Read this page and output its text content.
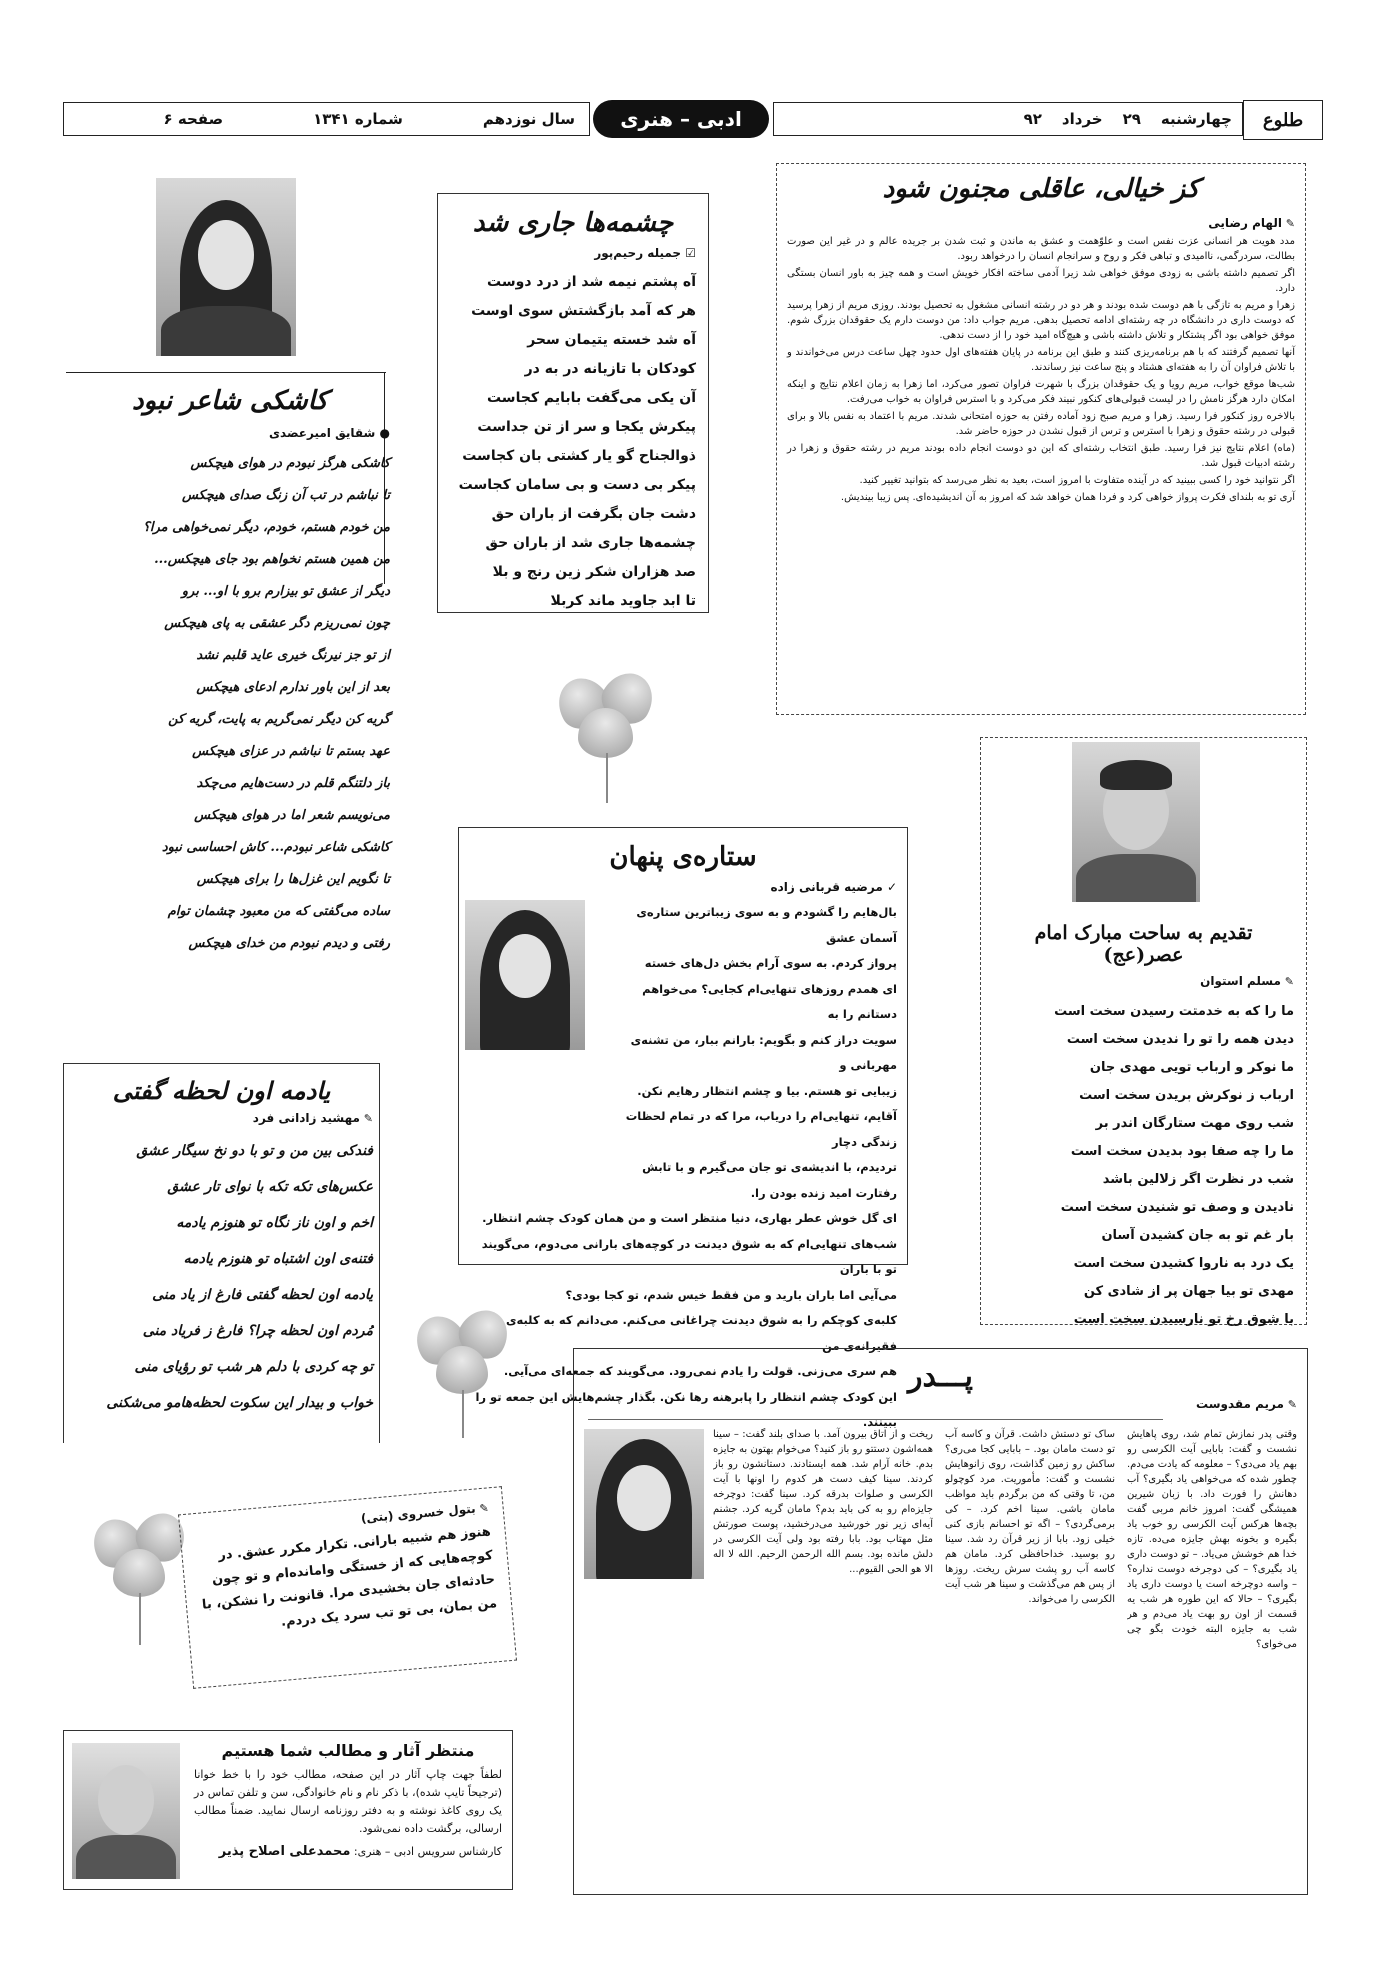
طلوع
چهارشنبه
۲۹
خرداد
۹۲
ادبی – هنری
سال نوزدهم
شماره ۱۳۴۱
صفحه ۶
کز خیالی، عاقلی مجنون شود
✎ الهام رضایی

مدد هویت هر انسانی عزت نفس است و علوّهمت و عشق به ماندن و ثبت شدن بر جریده عالم و در غیر این صورت بطالت، سردرگمی، ناامیدی و تباهی فکر و روح و سرانجام انسان را درخواهد ربود.

اگر تصمیم داشته باشی به زودی موفق خواهی شد زیرا آدمی ساخته افکار خویش است و همه چیز به باور انسان بستگی دارد.

زهرا و مریم به تازگی با هم دوست شده بودند و هر دو در رشته انسانی مشغول به تحصیل بودند. روزی مریم از زهرا پرسید که دوست داری در دانشگاه در چه رشته‌ای ادامه تحصیل بدهی. مریم جواب داد: من دوست دارم یک حقوقدان بزرگ شوم. موفق خواهی بود اگر پشتکار و تلاش داشته باشی و هیچ‌گاه امید خود را از دست ندهی.

آنها تصمیم گرفتند که با هم برنامه‌ریزی کنند و طبق این برنامه در پایان هفته‌های اول حدود چهل ساعت درس می‌خواندند و با تلاش فراوان آن را به هفته‌ای هشتاد و پنج ساعت نیز رساندند.

شب‌ها موقع خواب، مریم رویا و یک حقوقدان بزرگ با شهرت فراوان تصور می‌کرد، اما زهرا به زمان اعلام نتایج و اینکه امکان دارد هرگز نامش را در لیست قبولی‌های کنکور نبیند فکر می‌کرد و با استرس فراوان به خواب می‌رفت.

بالاخره روز کنکور فرا رسید. زهرا و مریم صبح زود آماده رفتن به حوزه امتحانی شدند. مریم با اعتماد به نفس بالا و برای قبولی در رشته حقوق و زهرا با استرس و ترس از قبول نشدن در حوزه حاضر شد.

(ماه) اعلام نتایج نیز فرا رسید. طبق انتخاب رشته‌ای که این دو دوست انجام داده بودند مریم در رشته حقوق و زهرا در رشته ادبیات قبول شد.

اگر نتوانید خود را کسی ببینید که در آینده متفاوت با امروز است، بعید به نظر می‌رسد که بتوانید تغییر کنید.

آری تو به بلندای فکرت پرواز خواهی کرد و فردا همان خواهد شد که امروز به آن اندیشیده‌ای. پس زیبا بیندیش.

چشمه‌ها جاری شد
☑ جمیله رحیم‌پور
آه پشتم نیمه شد از درد دوست
هر که آمد بازگشتش سوی اوست
آه شد خسته یتیمان سحر
کودکان با تازیانه در به در
آن یکی می‌گفت بابایم کجاست
پیکرش یکجا و سر از تن جداست
ذوالجناح گو یار کشتی بان کجاست
پیکر بی دست و بی سامان کجاست
دشت جان بگرفت از باران حق
چشمه‌ها جاری شد از باران حق
صد هزاران شکر زین رنج و بلا
تا ابد جاوید ماند کربلا
کاشکی شاعر نبود
● شقایق امیرعضدی
کاشکی هرگز نبودم در هوای هیچکس
تا نباشم در تب آن زنگ صدای هیچکس
من خودم هستم، خودم، دیگر نمی‌خواهی مرا؟
من همین هستم نخواهم بود جای هیچکس...
دیگر از عشق تو بیزارم برو با او... برو
چون نمی‌ریزم دگر عشقی به پای هیچکس
از تو جز نیرنگ خیری عاید قلبم نشد
بعد از این باور ندارم ادعای هیچکس
گریه کن دیگر نمی‌گریم به پایت، گریه کن
عهد بستم تا نباشم در عزای هیچکس
باز دلتنگم قلم در دست‌هایم می‌چکد
می‌نویسم شعر اما در هوای هیچکس
کاشکی شاعر نبودم... کاش احساسی نبود
تا نگویم این غزل‌ها را برای هیچکس
ساده می‌گفتی که من معبود چشمان توام
رفتی و دیدم نبودم من خدای هیچکس	تقدیم به ساحت مبارک امام عصر(عج)
✎ مسلم استوان
ما را که به خدمتت رسیدن سخت است
دیدن همه را تو را ندیدن سخت است
ما نوکر و ارباب تویی مهدی جان
ارباب ز نوکرش بریدن سخت است
شب روی مهت ستارگان اندر بر
ما را چه صفا بود بدیدن سخت است
شب در نظرت اگر زلالین باشد
نادیدن و وصف تو شنیدن سخت است
بار غم تو به جان کشیدن آسان
یک درد به ناروا کشیدن سخت است
مهدی تو بیا جهان پر از شادی کن
با شوق رخ تو نارسیدن سخت است
ستاره‌ی پنهان
✓ مرضیه قربانی زاده
بال‌هایم را گشودم و به سوی زیباترین ستاره‌ی آسمان عشق
پرواز کردم. به سوی آرام بخش دل‌های خسته
ای همدم روزهای تنهایی‌ام کجایی؟ می‌خواهم دستانم را به
سویت دراز کنم و بگویم: بارانم ببار، من تشنه‌ی مهربانی و
زیبایی تو هستم. بیا و چشم انتظار رهایم نکن.
آقایم، تنهایی‌ام را دریاب، مرا که در تمام لحظات زندگی دچار
تردیدم، با اندیشه‌ی تو جان می‌گیرم و با تابش رفتارت امید زنده بودن را.
ای گل خوش عطر بهاری، دنیا منتظر است و من همان کودک چشم انتظار.
شب‌های تنهایی‌ام که به شوق دیدنت در کوچه‌های بارانی می‌دوم، می‌گویند تو با باران
می‌آیی اما باران بارید و من فقط خیس شدم، تو کجا بودی؟
کلبه‌ی کوچکم را به شوق دیدنت چراغانی می‌کنم. می‌دانم که به کلبه‌ی فقیرانه‌ی من
هم سری می‌زنی. قولت را یادم نمی‌رود. می‌گویند که جمعه‌ای می‌آیی.
این کودک چشم انتظار را پابرهنه رها نکن. بگذار چشم‌هایش این جمعه تو را ببینند.
یادمه اون لحظه گفتی
✎ مهشید زادانی فرد
فندکی بین من و تو با دو نخ سیگار عشق
عکس‌های تکه تکه با نوای تار عشق
اخم و اون ناز نگاه تو هنوزم یادمه
فتنه‌ی اون اشتباه تو هنوزم یادمه
یادمه اون لحظه گفتی فارغ از یاد منی
مُردم اون لحظه چرا؟ فارغ ز فریاد منی
تو چه کردی با دلم هر شب تو رؤیای منی
خواب و بیدار این سکوت لحظه‌هامو می‌شکنی
✎ بتول خسروی (بتی)
هنوز هم شبیه بارانی. تکرار مکرر عشق. در کوچه‌هایی که از خستگی وامانده‌ام و تو چون حادثه‌ای جان بخشیدی مرا. قانونت را نشکن، با من بمان، بی تو تب سرد یک دردم.
منتظر آثار و مطالب شما هستیم
لطفاً جهت چاپ آثار در این صفحه، مطالب خود را با خط خوانا (ترجیحاً تایپ شده)، با ذکر نام و نام خانوادگی، سن و تلفن تماس در یک روی کاغذ نوشته و به دفتر روزنامه ارسال نمایید. ضمناً مطالب ارسالی، برگشت داده نمی‌شود.
کارشناس سرویس ادبی – هنری: محمدعلی اصلاح پذیر
پـــدر
✎ مریم مقدوست
وقتی پدر نمازش تمام شد، روی پاهایش نشست و گفت: بابایی آیت الکرسی رو بهم یاد می‌دی؟ – معلومه که یادت می‌دم. چطور شده که می‌خواهی یاد بگیری؟ آب دهانش را فورت داد. با زبان شیرین همیشگی گفت: امروز خانم مربی گفت بچه‌ها هرکس آیت الکرسی رو خوب یاد بگیره و بخونه بهش جایزه می‌ده. تازه خدا هم خوشش می‌یاد. – تو دوست داری یاد بگیری؟ – کی دوجرخه دوست نداره؟ – واسه دوچرخه است یا دوست داری یاد بگیری؟ – حالا که این طوره هر شب یه قسمت از اون رو بهت یاد می‌دم و هر شب به جایزه البته خودت بگو چی می‌خوای؟
ساک تو دستش داشت. قرآن و کاسه آب تو دست مامان بود. – بابایی کجا می‌ری؟ ساکش رو زمین گذاشت، روی زانوهایش نشست و گفت: مأموریت. مرد کوچولو من، تا وقتی که من برگردم باید مواظب مامان باشی. سینا اخم کرد. – کی برمی‌گردی؟ – اگه تو احسانم بازی کنی خیلی زود. بابا از زیر قرآن رد شد. سینا رو بوسید. خداحافظی کرد. مامان هم کاسه آب رو پشت سرش ریخت. روزها از پس هم می‌گذشت و سینا هر شب آیت الکرسی را می‌خواند.
ریخت و از اتاق بیرون آمد. با صدای بلند گفت: – سینا همه‌اشون دستتو رو باز کنید؟ می‌خوام بهتون به جایزه بدم. خانه آرام شد. همه ایستادند. دستانشون رو باز کردند. سینا کیف دست هر کدوم را اونها با آیت الکرسی و صلوات بدرقه کرد. سینا گفت: دوچرخه جایزه‌ام رو به کی باید بدم؟ مامان گریه کرد. جشنم آیه‌ای زیر نور خورشید می‌درخشید، پوست صورتش مثل مهتاب بود. بابا رفته بود ولی آیت الکرسی در دلش مانده بود. بسم الله الرحمن الرحیم. الله لا اله الا هو الحی القیوم...
